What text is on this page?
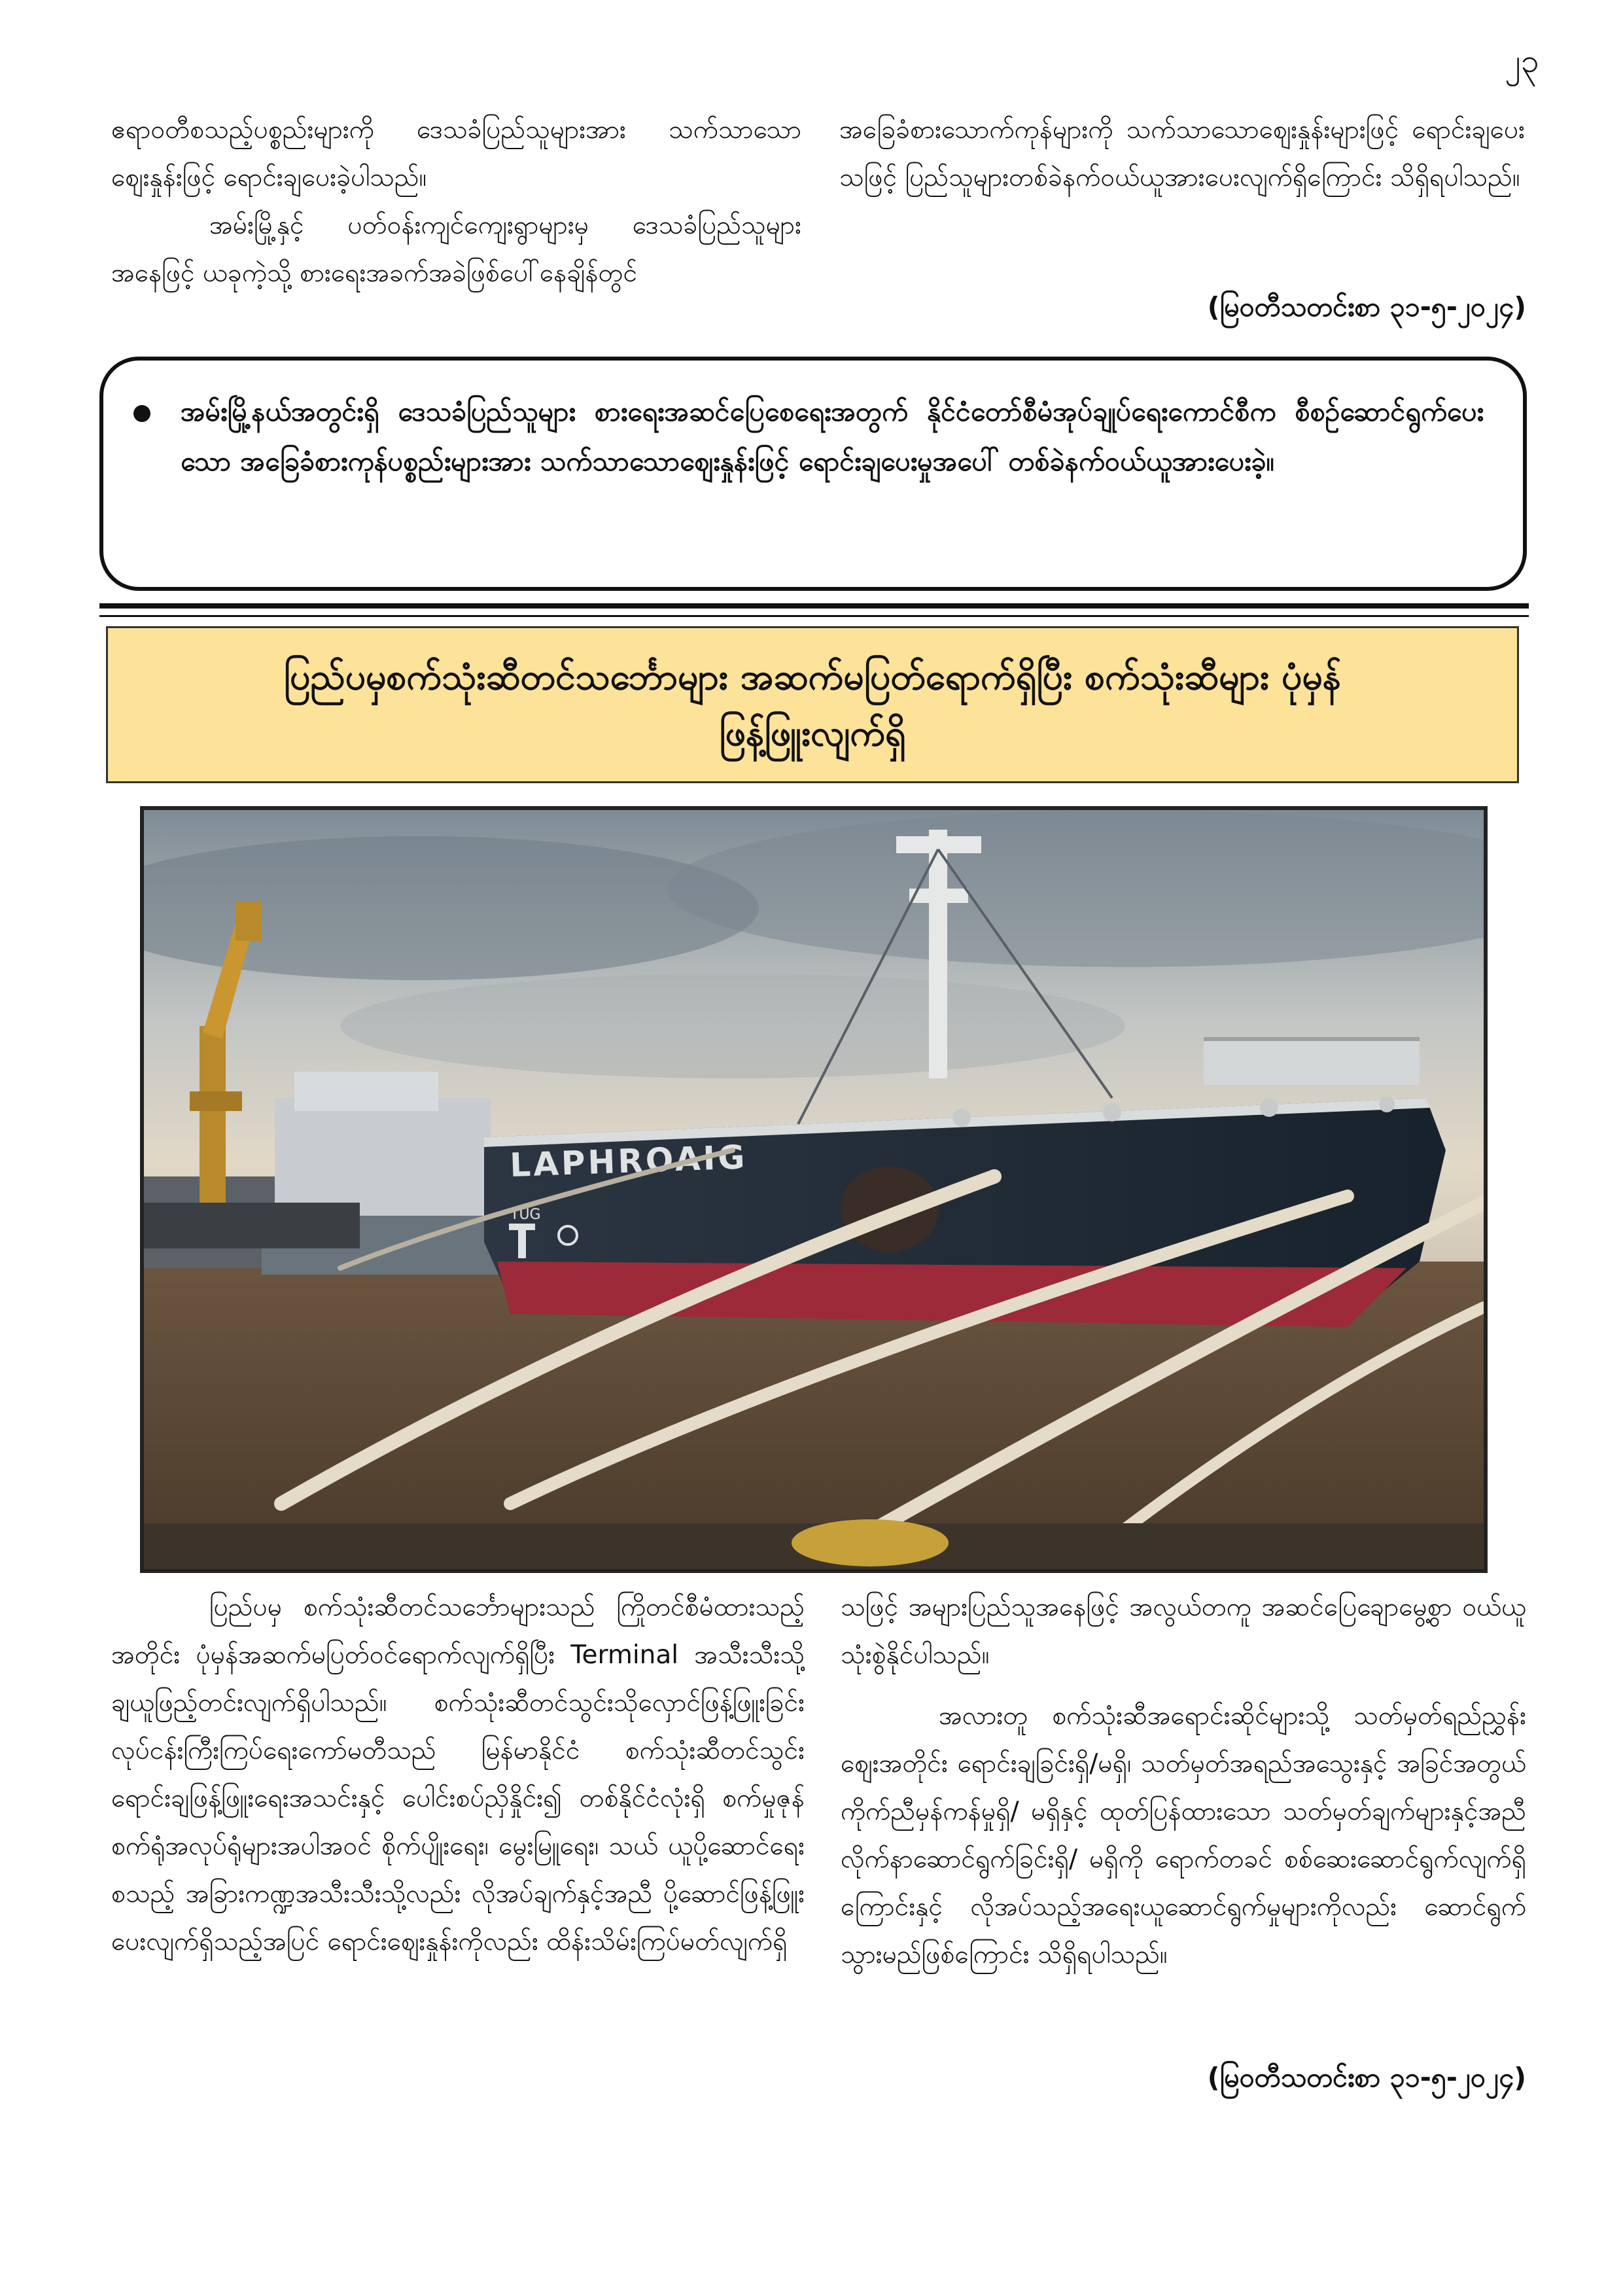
၂၃

ဧရာဝတီစသည့်ပစ္စည်းများကို ဒေသခံပြည်သူများအား သက်သာသောဈေးနှုန်းဖြင့် ရောင်းချပေးခဲ့ပါသည်။

အမ်းမြို့နှင့် ပတ်ဝန်းကျင်ကျေးရွာများမှ ဒေသခံပြည်သူများအနေဖြင့် ယခုကဲ့သို့ စားရေးအခက်အခဲဖြစ်ပေါ်နေချိန်တွင်

အခြေခံစားသောက်ကုန်များကို သက်သာသောဈေးနှုန်းများဖြင့် ရောင်းချပေးသဖြင့် ပြည်သူများတစ်ခဲနက်ဝယ်ယူအားပေးလျက်ရှိကြောင်း သိရှိရပါသည်။

(မြဝတီသတင်းစာ ၃၁-၅-၂၀၂၄)

အမ်းမြို့နယ်အတွင်းရှိ ဒေသခံပြည်သူများ စားရေးအဆင်ပြေစေရေးအတွက် နိုင်ငံတော်စီမံအုပ်ချုပ်ရေးကောင်စီက စီစဉ်ဆောင်ရွက်ပေးသော အခြေခံစားကုန်ပစ္စည်းများအား သက်သာသောဈေးနှုန်းဖြင့် ရောင်းချပေးမှုအပေါ် တစ်ခဲနက်ဝယ်ယူအားပေးခဲ့။

ပြည်ပမှစက်သုံးဆီတင်သင်္ဘောများ အဆက်မပြတ်ရောက်ရှိပြီး စက်သုံးဆီများ ပုံမှန်ဖြန့်ဖြူးလျက်ရှိ
LAPHROAIG
TUG

ပြည်ပမှ စက်သုံးဆီတင်သင်္ဘောများသည် ကြိုတင်စီမံထားသည့်အတိုင်း ပုံမှန်အဆက်မပြတ်ဝင်ရောက်လျက်ရှိပြီး Terminal အသီးသီးသို့ ချယူဖြည့်တင်းလျက်ရှိပါသည်။ စက်သုံးဆီတင်သွင်းသိုလှောင်ဖြန့်ဖြူးခြင်း လုပ်ငန်းကြီးကြပ်ရေးကော်မတီသည် မြန်မာနိုင်ငံ စက်သုံးဆီတင်သွင်းရောင်းချဖြန့်ဖြူးရေးအသင်းနှင့် ပေါင်းစပ်ညှိနှိုင်း၍ တစ်နိုင်ငံလုံးရှိ စက်မှုဇုန်စက်ရုံအလုပ်ရုံများအပါအဝင် စိုက်ပျိုးရေး၊ မွေးမြူရေး၊ သယ် ယူပို့ဆောင်ရေးစသည့် အခြားကဏ္ဍအသီးသီးသို့လည်း လိုအပ်ချက်နှင့်အညီ ပို့ဆောင်ဖြန့်ဖြူးပေးလျက်ရှိသည့်အပြင် ရောင်းဈေးနှုန်းကိုလည်း ထိန်းသိမ်းကြပ်မတ်လျက်ရှိ

သဖြင့် အများပြည်သူအနေဖြင့် အလွယ်တကူ အဆင်ပြေချောမွေ့စွာ ဝယ်ယူသုံးစွဲနိုင်ပါသည်။

အလားတူ စက်သုံးဆီအရောင်းဆိုင်များသို့ သတ်မှတ်ရည်ညွှန်းဈေးအတိုင်း ရောင်းချခြင်းရှိ/မရှိ၊ သတ်မှတ်အရည်အသွေးနှင့် အခြင်အတွယ် ကိုက်ညီမှန်ကန်မှုရှိ/ မရှိနှင့် ထုတ်ပြန်ထားသော သတ်မှတ်ချက်များနှင့်အညီ လိုက်နာဆောင်ရွက်ခြင်းရှိ/ မရှိကို ရောက်တခင် စစ်ဆေးဆောင်ရွက်လျက်ရှိကြောင်းနှင့် လိုအပ်သည့်အရေးယူဆောင်ရွက်မှုများကိုလည်း ဆောင်ရွက်သွားမည်ဖြစ်ကြောင်း သိရှိရပါသည်။

(မြဝတီသတင်းစာ ၃၁-၅-၂၀၂၄)
